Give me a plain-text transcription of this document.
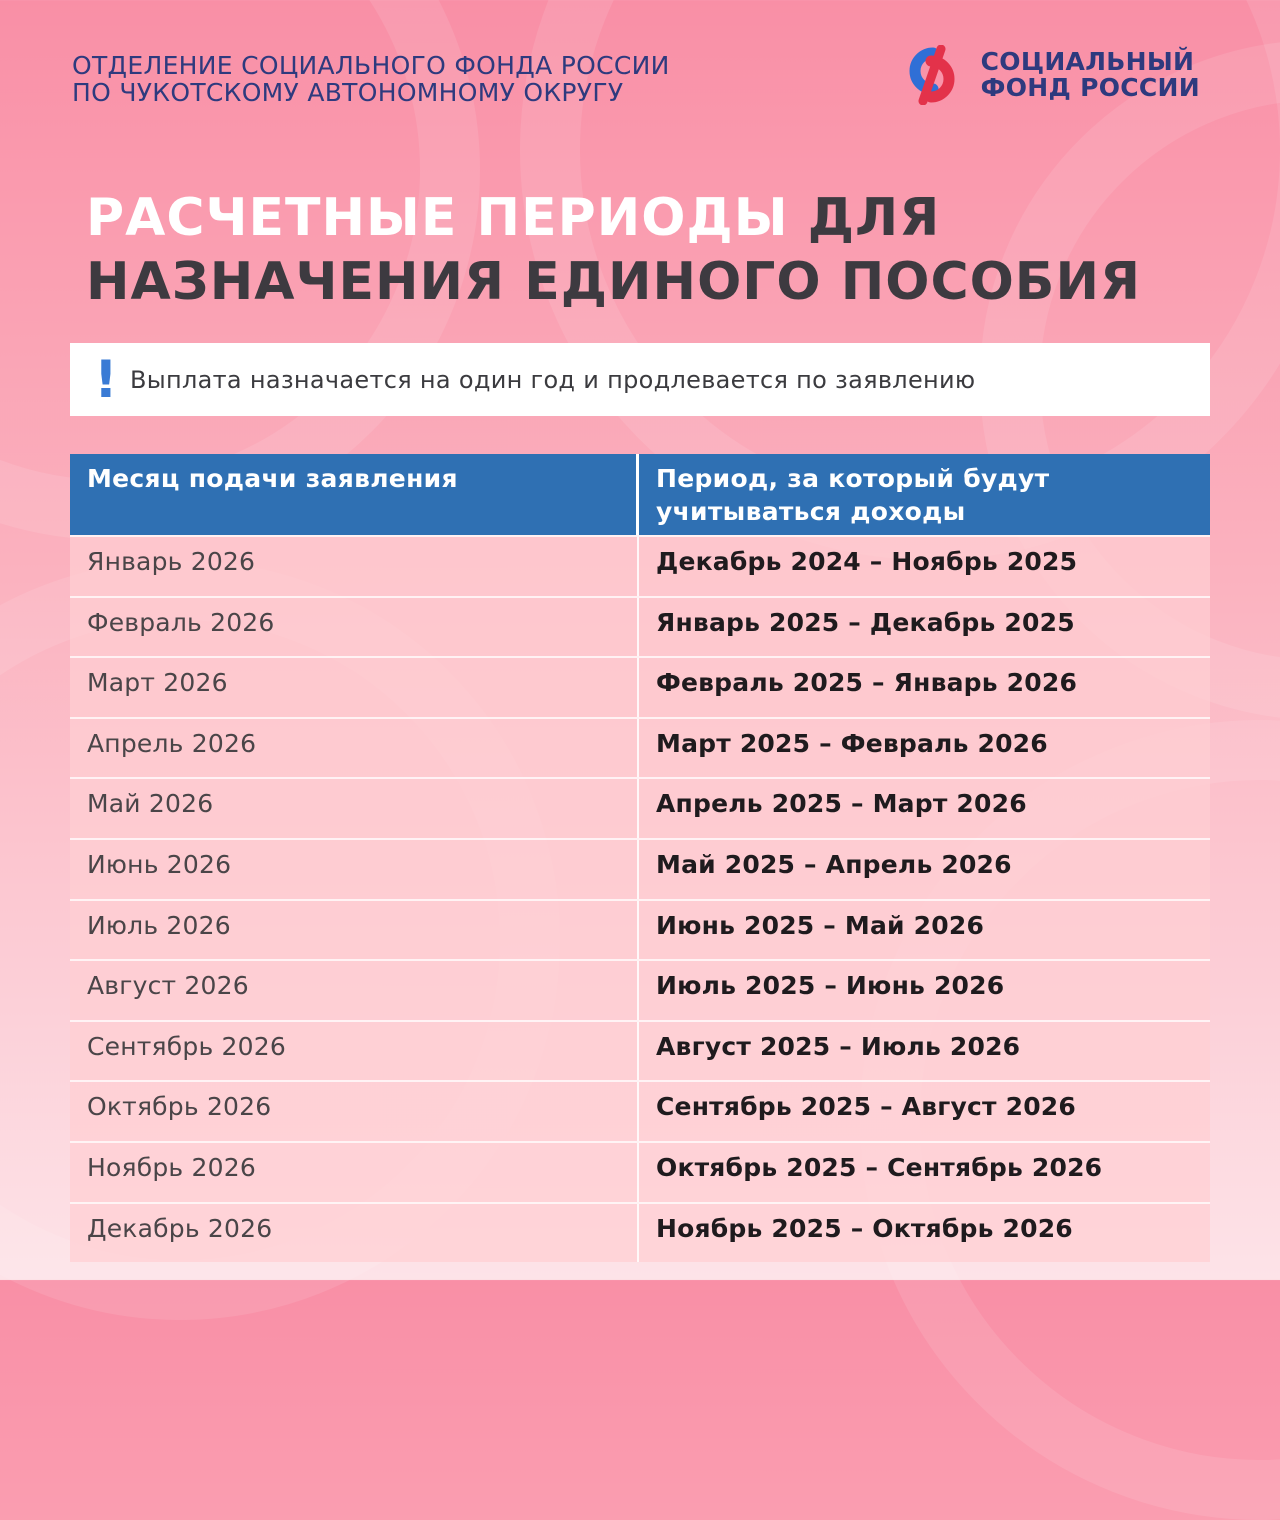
ОТДЕЛЕНИЕ СОЦИАЛЬНОГО ФОНДА РОССИИ
ПО ЧУКОТСКОМУ АВТОНОМНОМУ ОКРУГУ
СОЦИАЛЬНЫЙ
ФОНД РОССИИ
РАСЧЕТНЫЕ ПЕРИОДЫ ДЛЯ
НАЗНАЧЕНИЯ ЕДИНОГО ПОСОБИЯ
! Выплата назначается на один год и продлевается по заявлению
Месяц подачи заявления	Период, за который будут учитываться доходы
Январь 2026	Декабрь 2024 – Ноябрь 2025
Февраль 2026	Январь 2025 – Декабрь 2025
Март 2026	Февраль 2025 – Январь 2026
Апрель 2026	Март 2025 – Февраль 2026
Май 2026	Апрель 2025 – Март 2026
Июнь 2026	Май 2025 – Апрель 2026
Июль 2026	Июнь 2025 – Май 2026
Август 2026	Июль 2025 – Июнь 2026
Сентябрь 2026	Август 2025 – Июль 2026
Октябрь 2026	Сентябрь 2025 – Август 2026
Ноябрь 2026	Октябрь 2025 – Сентябрь 2026
Декабрь 2026	Ноябрь 2025 – Октябрь 2026
